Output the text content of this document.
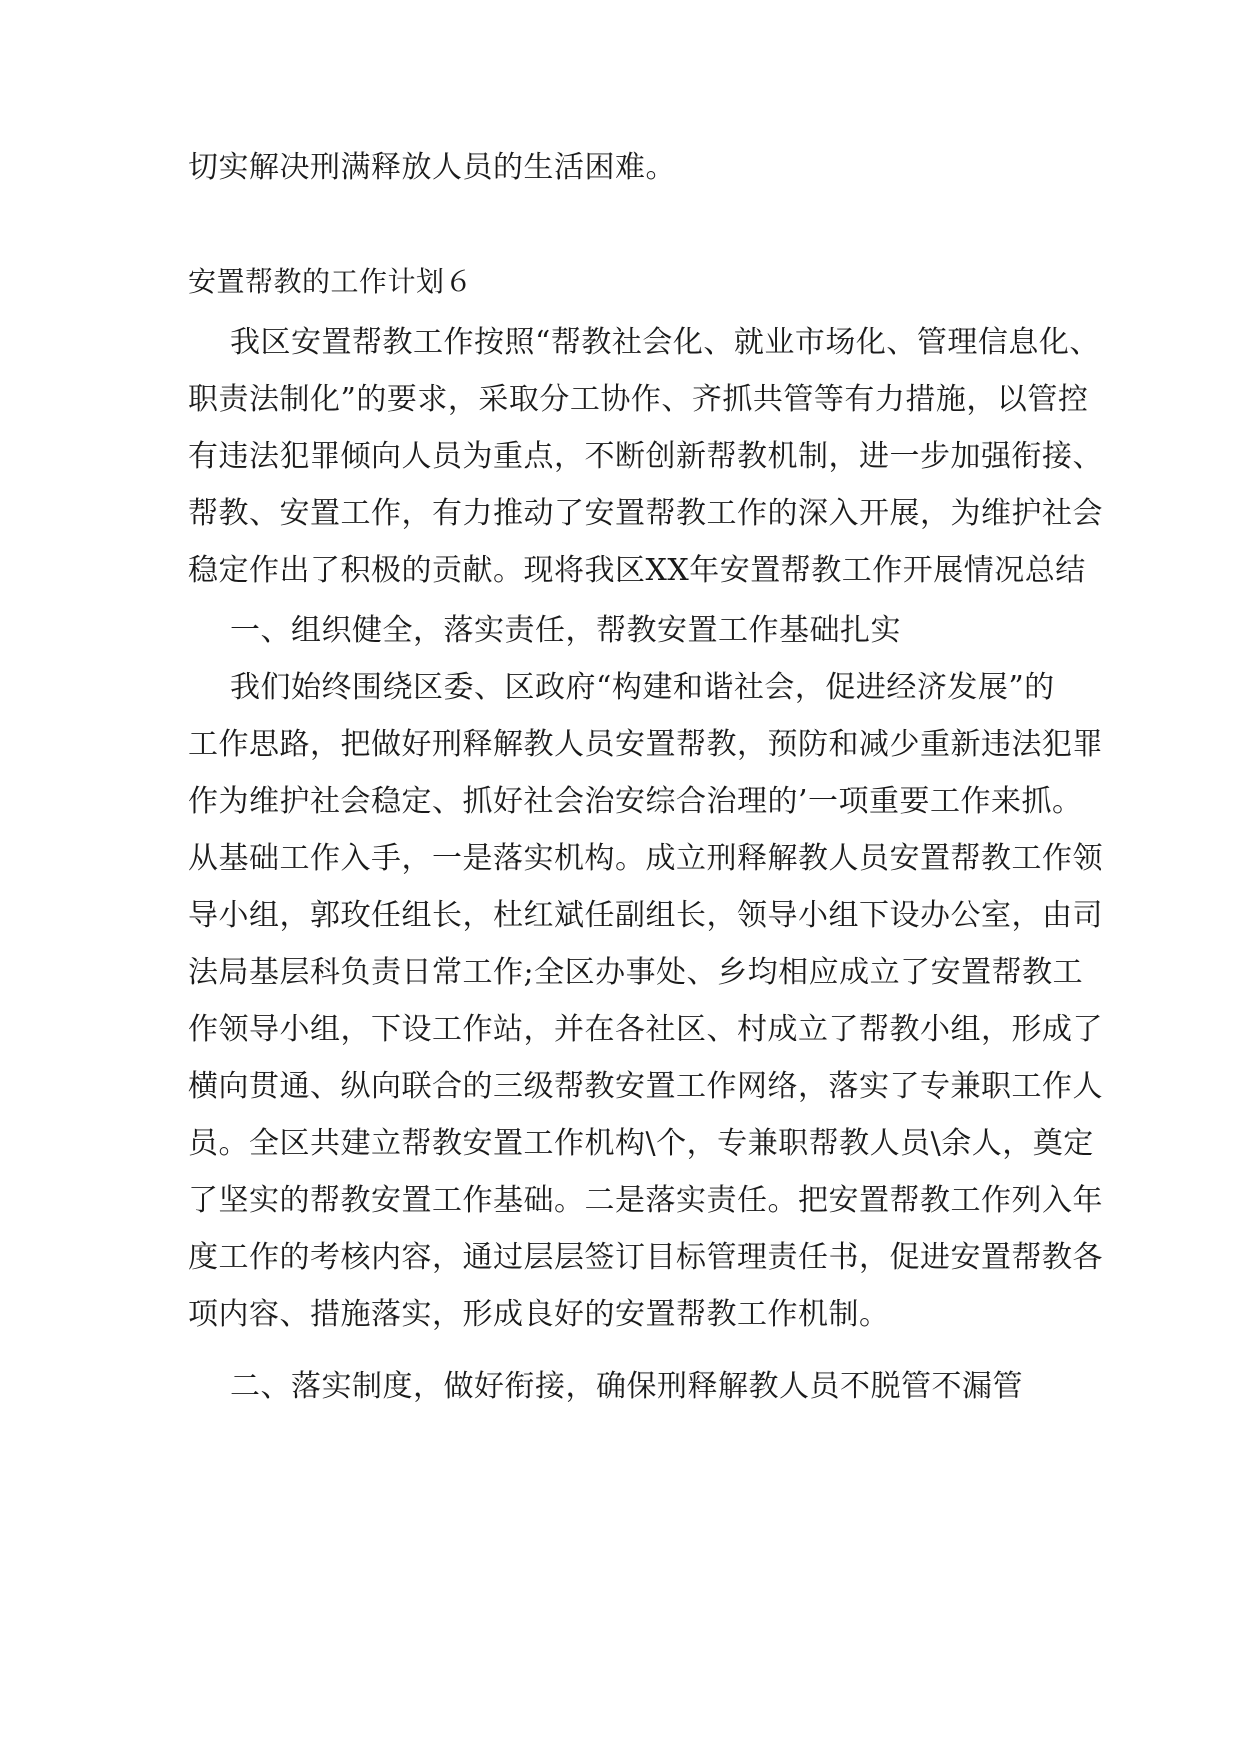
切实解决刑满释放人员的生活困难。
安置帮教的工作计划６
我区安置帮教工作按照“帮教社会化、就业市场化、管理信息化、
职责法制化”的要求，采取分工协作、齐抓共管等有力措施，以管控
有违法犯罪倾向人员为重点，不断创新帮教机制，进一步加强衔接、
帮教、安置工作，有力推动了安置帮教工作的深入开展，为维护社会
稳定作出了积极的贡献。现将我区XX年安置帮教工作开展情况总结
一、组织健全，落实责任，帮教安置工作基础扎实
我们始终围绕区委、区政府“构建和谐社会，促进经济发展”的
工作思路，把做好刑释解教人员安置帮教，预防和减少重新违法犯罪
作为维护社会稳定、抓好社会治安综合治理的’一项重要工作来抓。
从基础工作入手，一是落实机构。成立刑释解教人员安置帮教工作领
导小组，郭玫任组长，杜红斌任副组长，领导小组下设办公室，由司
法局基层科负责日常工作;全区办事处、乡均相应成立了安置帮教工
作领导小组，下设工作站，并在各社区、村成立了帮教小组，形成了
横向贯通、纵向联合的三级帮教安置工作网络，落实了专兼职工作人
员。全区共建立帮教安置工作机构\个，专兼职帮教人员\余人，奠定
了坚实的帮教安置工作基础。二是落实责任。把安置帮教工作列入年
度工作的考核内容，通过层层签订目标管理责任书，促进安置帮教各
项内容、措施落实，形成良好的安置帮教工作机制。
二、落实制度，做好衔接，确保刑释解教人员不脱管不漏管
